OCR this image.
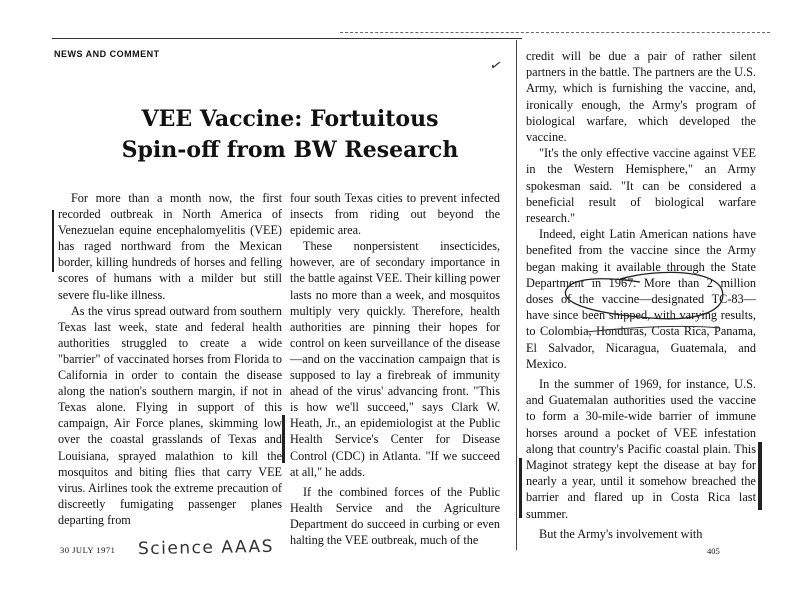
NEWS AND COMMENT
✓
VEE Vaccine: Fortuitous
Spin-off from BW Research

For more than a month now, the first recorded outbreak in North America of Venezuelan equine encephalomyelitis (VEE) has raged northward from the Mexican border, killing hundreds of horses and felling scores of humans with a milder but still severe flu-like illness.

As the virus spread outward from southern Texas last week, state and federal health authorities struggled to create a wide "barrier" of vaccinated horses from Florida to California in order to contain the disease along the nation's southern margin, if not in Texas alone. Flying in support of this campaign, Air Force planes, skimming low over the coastal grasslands of Texas and Louisiana, sprayed malathion to kill the mosquitos and biting flies that carry VEE virus. Airlines took the extreme precaution of discreetly fumigating passenger planes departing from

four south Texas cities to prevent infected insects from riding out beyond the epidemic area.

These nonpersistent insecticides, however, are of secondary importance in the battle against VEE. Their killing power lasts no more than a week, and mosquitos multiply very quickly. Therefore, health authorities are pinning their hopes for control on keen surveillance of the disease—and on the vaccination campaign that is supposed to lay a firebreak of immunity ahead of the virus' advancing front. "This is how we'll succeed," says Clark W. Heath, Jr., an epidemiologist at the Public Health Service's Center for Disease Control (CDC) in Atlanta. "If we succeed at all," he adds.

If the combined forces of the Public Health Service and the Agriculture Department do succeed in curbing or even halting the VEE outbreak, much of the

credit will be due a pair of rather silent partners in the battle. The partners are the U.S. Army, which is furnishing the vaccine, and, ironically enough, the Army's program of biological warfare, which developed the vaccine.

"It's the only effective vaccine against VEE in the Western Hemisphere," an Army spokesman said. "It can be considered a beneficial result of biological warfare research."

Indeed, eight Latin American nations have benefited from the vaccine since the Army began making it available through the State Department in 1967. More than 2 million doses of the vaccine—designated TC-83—have since been shipped, with varying results, to Colombia, Honduras, Costa Rica, Panama, El Salvador, Nicaragua, Guatemala, and Mexico.

In the summer of 1969, for instance, U.S. and Guatemalan authorities used the vaccine to form a 30-mile-wide barrier of immune horses around a pocket of VEE infestation along that country's Pacific coastal plain. This Maginot strategy kept the disease at bay for nearly a year, until it somehow breached the barrier and flared up in Costa Rica last summer.

But the Army's involvement with

30 JULY 1971 Science AAAS	405
